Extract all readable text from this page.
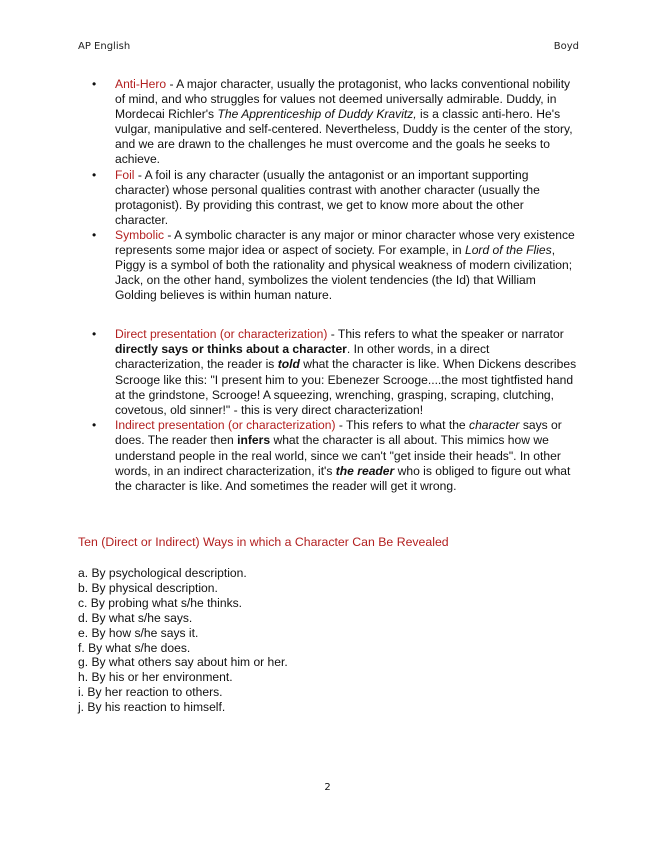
AP English	Boyd
• Anti-Hero - A major character, usually the protagonist, who lacks conventional nobility of mind, and who struggles for values not deemed universally admirable. Duddy, in Mordecai Richler's The Apprenticeship of Duddy Kravitz, is a classic anti-hero. He's vulgar, manipulative and self-centered. Nevertheless, Duddy is the center of the story, and we are drawn to the challenges he must overcome and the goals he seeks to achieve.
• Foil - A foil is any character (usually the antagonist or an important supporting character) whose personal qualities contrast with another character (usually the protagonist). By providing this contrast, we get to know more about the other character.
• Symbolic - A symbolic character is any major or minor character whose very existence represents some major idea or aspect of society. For example, in Lord of the Flies, Piggy is a symbol of both the rationality and physical weakness of modern civilization; Jack, on the other hand, symbolizes the violent tendencies (the Id) that William Golding believes is within human nature.
• Direct presentation (or characterization) - This refers to what the speaker or narrator directly says or thinks about a character. In other words, in a direct characterization, the reader is told what the character is like. When Dickens describes Scrooge like this: "I present him to you: Ebenezer Scrooge....the most tightfisted hand at the grindstone, Scrooge! A squeezing, wrenching, grasping, scraping, clutching, covetous, old sinner!" - this is very direct characterization!
• Indirect presentation (or characterization) - This refers to what the character says or does. The reader then infers what the character is all about. This mimics how we understand people in the real world, since we can't "get inside their heads". In other words, in an indirect characterization, it's the reader who is obliged to figure out what the character is like. And sometimes the reader will get it wrong.
Ten (Direct or Indirect) Ways in which a Character Can Be Revealed
a. By psychological description.
b. By physical description.
c. By probing what s/he thinks.
d. By what s/he says.
e. By how s/he says it.
f. By what s/he does.
g. By what others say about him or her.
h. By his or her environment.
i. By her reaction to others.
j. By his reaction to himself.
2
